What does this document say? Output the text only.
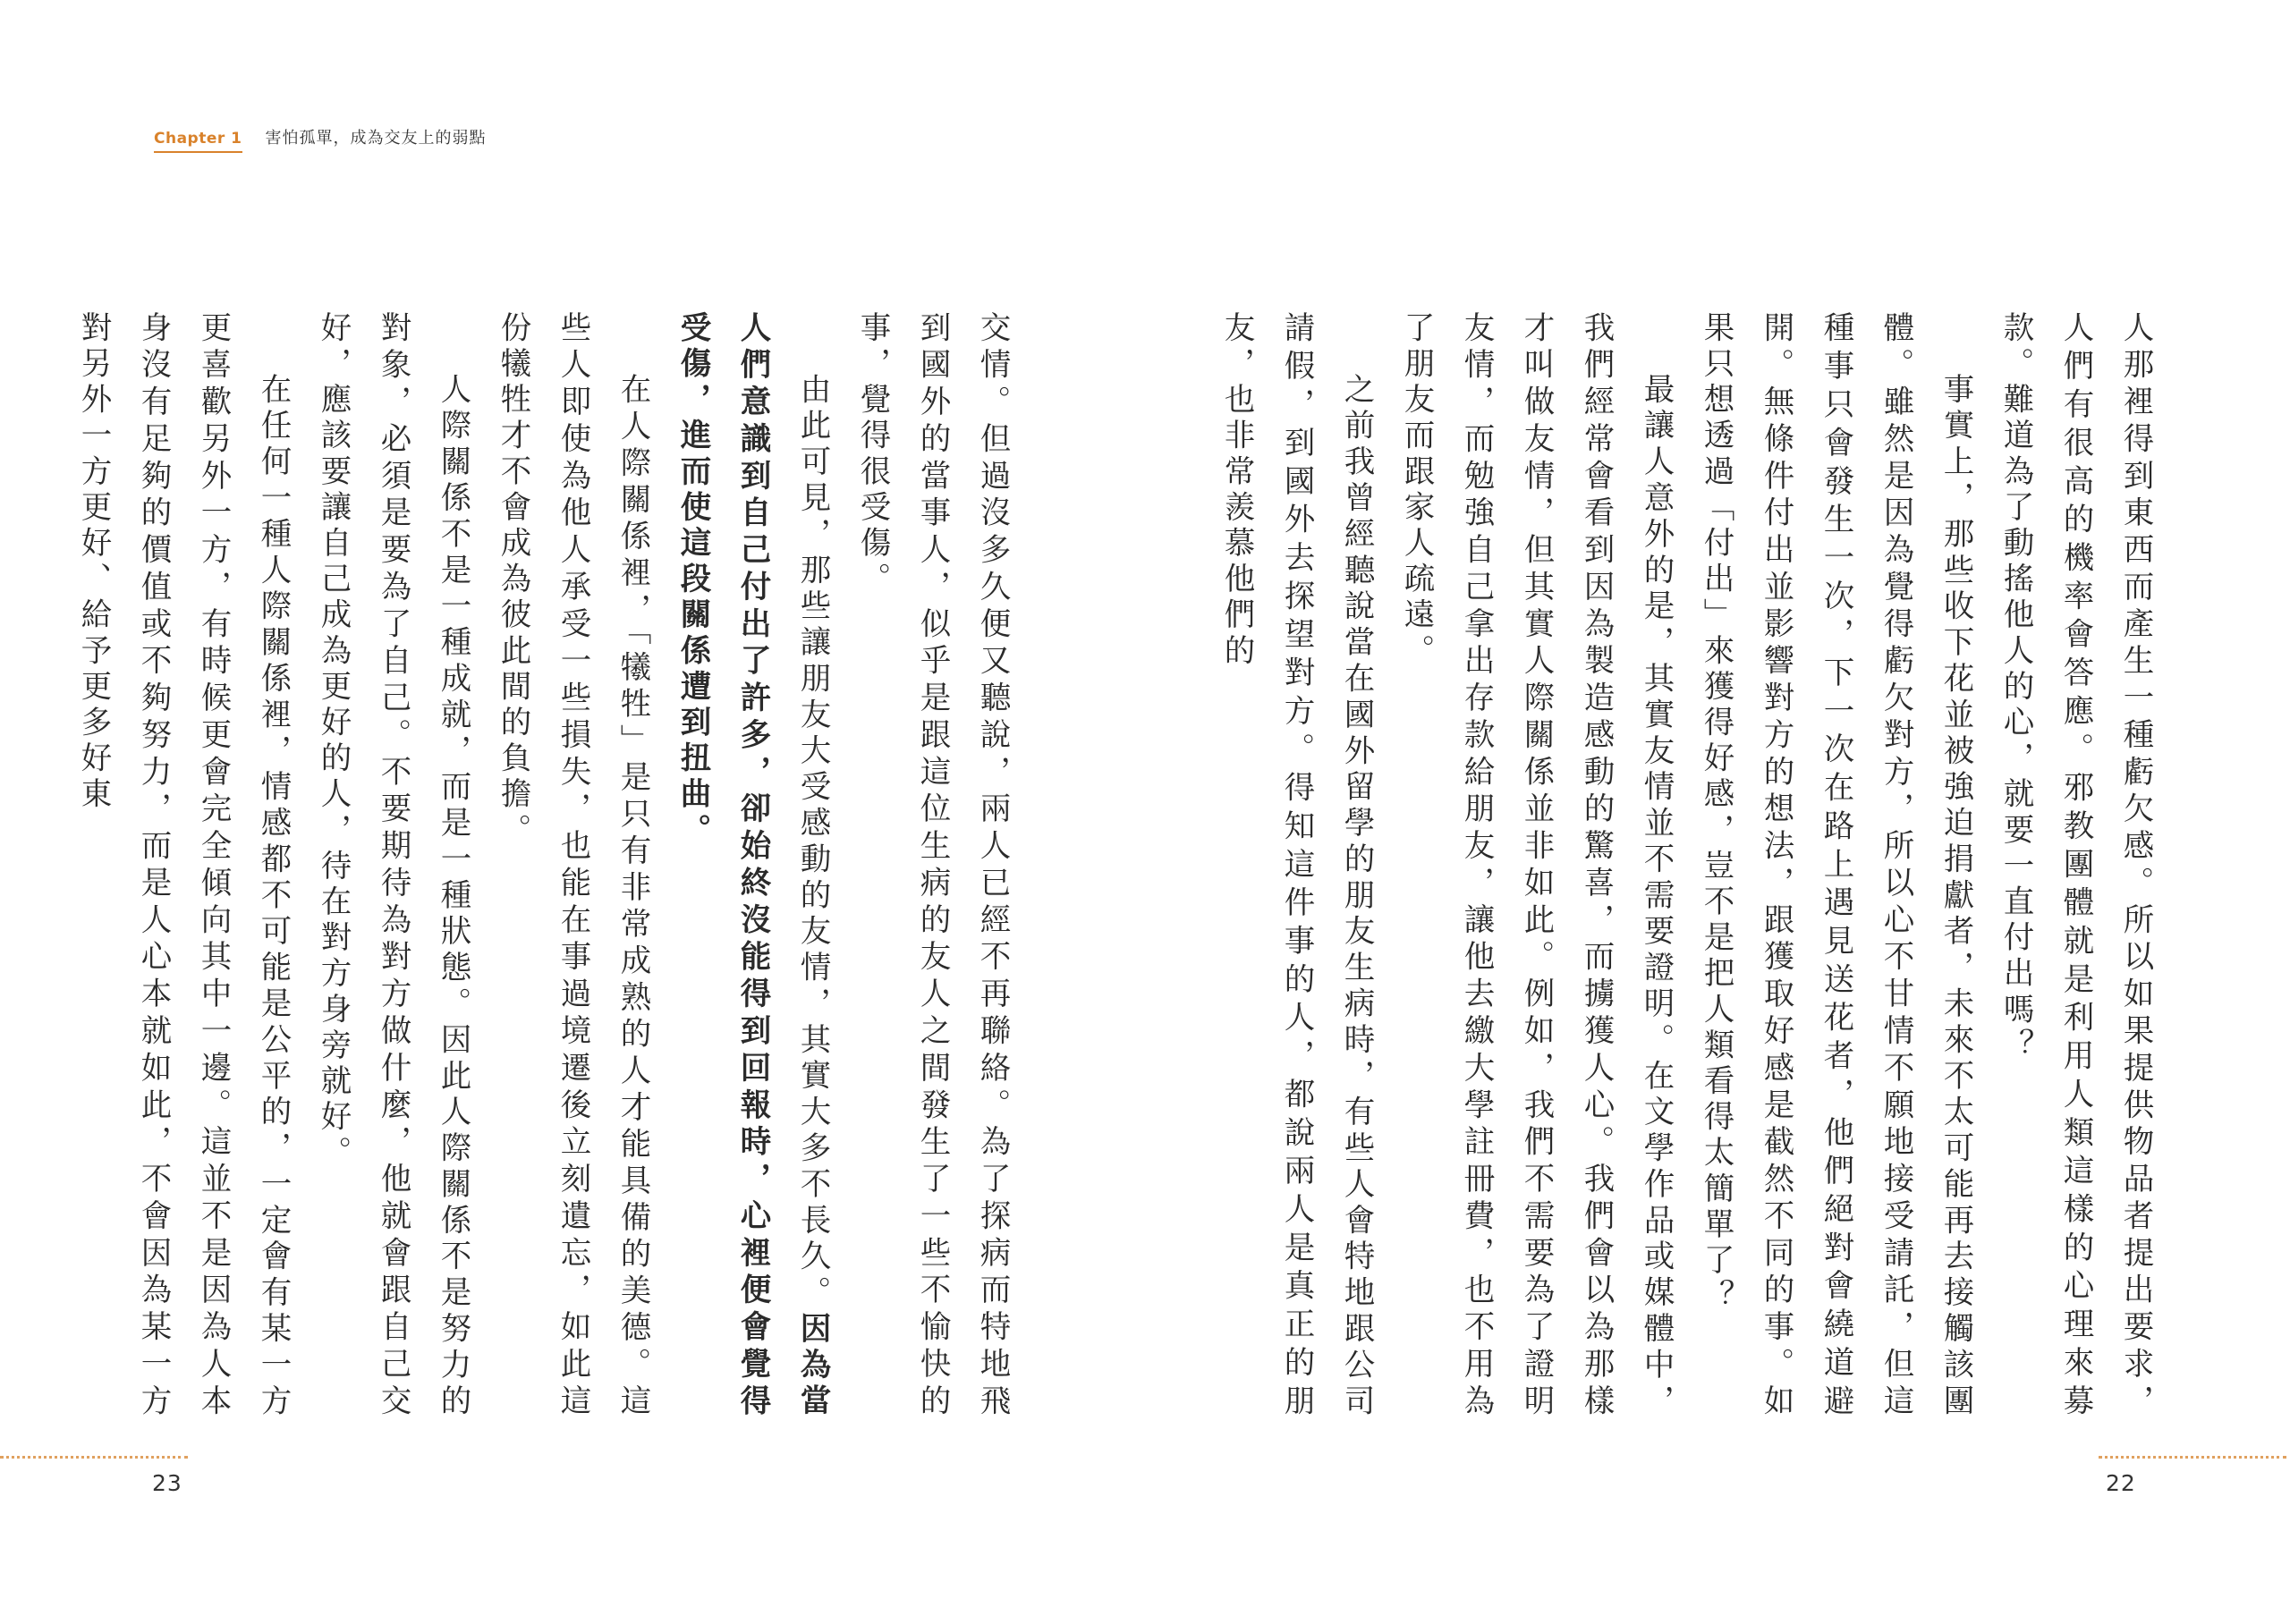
Chapter 1 害怕孤單，成為交友上的弱點

人那裡得到東西而產生一種虧欠感。所以如果提供物品者提出要求，人們有很高的機率會答應。邪教團體就是利用人類這樣的心理來募款。難道為了動搖他人的心，就要一直付出嗎？

事實上，那些收下花並被強迫捐獻者，未來不太可能再去接觸該團體。雖然是因為覺得虧欠對方，所以心不甘情不願地接受請託，但這種事只會發生一次，下一次在路上遇見送花者，他們絕對會繞道避開。無條件付出並影響對方的想法，跟獲取好感是截然不同的事。如果只想透過「付出」來獲得好感，豈不是把人類看得太簡單了？

最讓人意外的是，其實友情並不需要證明。在文學作品或媒體中，我們經常會看到因為製造感動的驚喜，而擄獲人心。我們會以為那樣才叫做友情，但其實人際關係並非如此。例如，我們不需要為了證明友情，而勉強自己拿出存款給朋友，讓他去繳大學註冊費，也不用為了朋友而跟家人疏遠。

之前我曾經聽說當在國外留學的朋友生病時，有些人會特地跟公司請假，到國外去探望對方。得知這件事的人，都說兩人是真正的朋友，也非常羨慕他們的

交情。但過沒多久便又聽說，兩人已經不再聯絡。為了探病而特地飛到國外的當事人，似乎是跟這位生病的友人之間發生了一些不愉快的事，覺得很受傷。

由此可見，那些讓朋友大受感動的友情，其實大多不長久。因為當人們意識到自己付出了許多，卻始終沒能得到回報時，心裡便會覺得受傷，進而使這段關係遭到扭曲。

在人際關係裡，「犧牲」是只有非常成熟的人才能具備的美德。這些人即使為他人承受一些損失，也能在事過境遷後立刻遺忘，如此這份犧牲才不會成為彼此間的負擔。

人際關係不是一種成就，而是一種狀態。因此人際關係不是努力的對象，必須是要為了自己。不要期待為對方做什麼，他就會跟自己交好，應該要讓自己成為更好的人，待在對方身旁就好。

在任何一種人際關係裡，情感都不可能是公平的，一定會有某一方更喜歡另外一方，有時候更會完全傾向其中一邊。這並不是因為人本身沒有足夠的價值或不夠努力，而是人心本就如此，不會因為某一方對另外一方更好、給予更多好東

23	22
